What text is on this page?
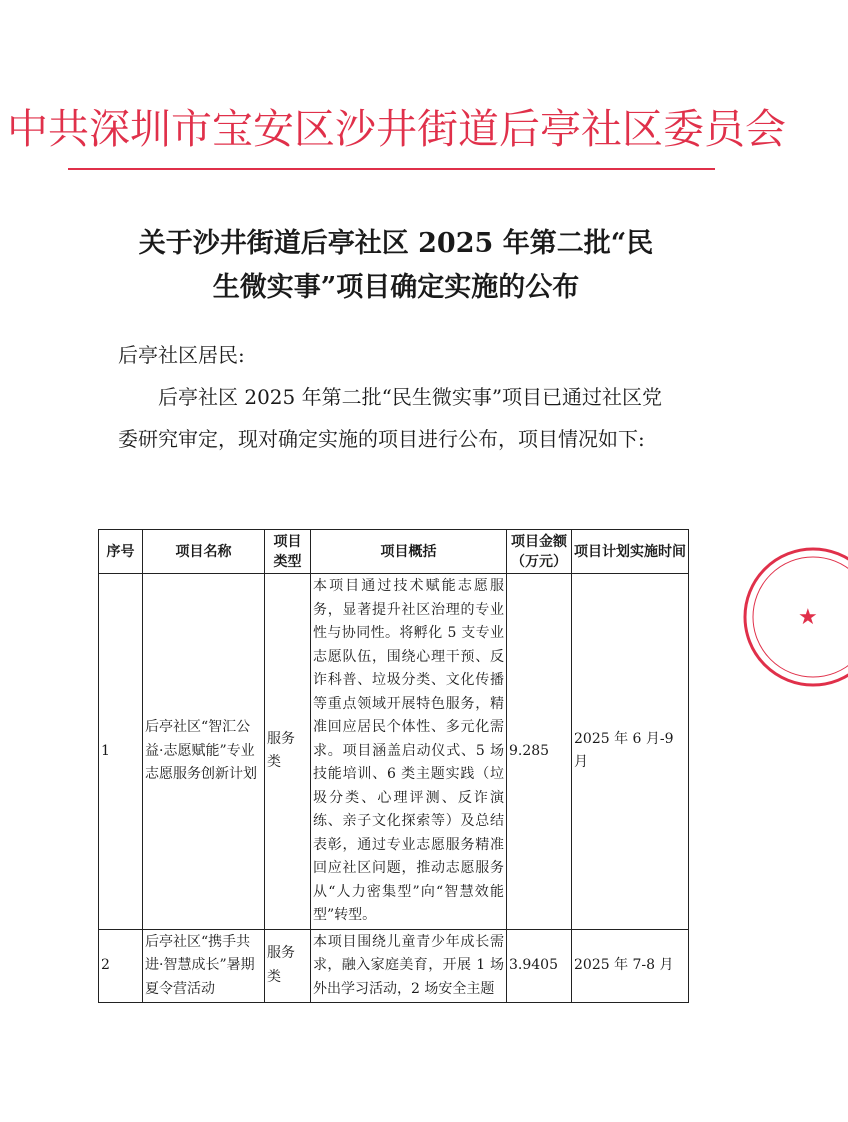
中共深圳市宝安区沙井街道后亭社区委员会
关于沙井街道后亭社区 2025 年第二批“民
生微实事”项目确定实施的公布
后亭社区居民:
后亭社区 2025 年第二批“民生微实事”项目已通过社区党委研究审定，现对确定实施的项目进行公布，项目情况如下:
序号	项目名称	项目类型	项目概括	项目金额（万元）	项目计划实施时间
1	后亭社区“智汇公益·志愿赋能”专业志愿服务创新计划	服务类	本项目通过技术赋能志愿服务，显著提升社区治理的专业性与协同性。将孵化 5 支专业志愿队伍，围绕心理干预、反诈科普、垃圾分类、文化传播等重点领域开展特色服务，精准回应居民个体性、多元化需求。项目涵盖启动仪式、5 场技能培训、6 类主题实践（垃圾分类、心理评测、反诈演练、亲子文化探索等）及总结表彰，通过专业志愿服务精准回应社区问题，推动志愿服务从“人力密集型”向“智慧效能型”转型。	9.285	2025 年 6 月-9 月
2	后亭社区“携手共进·智慧成长”暑期夏令营活动	服务类	本项目围绕儿童青少年成长需求，融入家庭美育，开展 1 场外出学习活动，2 场安全主题	3.9405	2025 年 7-8 月
★
